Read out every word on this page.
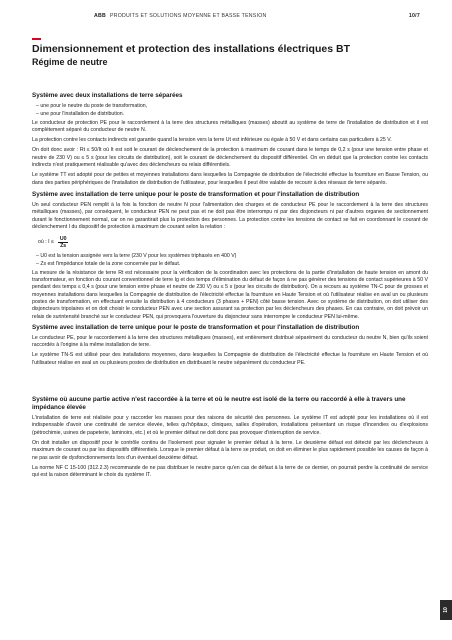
ABB PRODUITS ET SOLUTIONS MOYENNE ET BASSE TENSION	10/7
Dimensionnement et protection des installations électriques BT
Régime de neutre
Système avec deux installations de terre séparées

– une pour le neutre du poste de transformation,

– une pour l'installation de distribution.

Le conducteur de protection PE pour le raccordement à la terre des structures métalliques (masses) aboutit au système de terre de l'installation de distribution et il est complètement séparé du conducteur de neutre N.

La protection contre les contacts indirects est garantie quand la tension vers la terre Ut est inférieure ou égale à 50 V et dans certains cas particuliers à 25 V.

On doit donc avoir : Rt ≤ 50/It où It est soit le courant de déclenchement de la protection à maximum de courant dans le temps de 0,2 s (pour une tension entre phase et neutre de 230 V) ou ≤ 5 s (pour les circuits de distribution), soit le courant de déclenchement du dispositif différentiel. On en déduit que la protection contre les contacts indirects n'est pratiquement réalisable qu'avec des déclencheurs ou relais différentiels.

Le système TT est adopté pour de petites et moyennes installations dans lesquelles la Compagnie de distribution de l'électricité effectue la fourniture en Basse Tension, ou dans des parties périphériques de l'installation de distribution de l'utilisateur, pour lesquelles il peut être valable de recourir à des réseaux de terre séparés.

Système avec installation de terre unique pour le poste de transformation et pour l'installation de distribution

Un seul conducteur PEN remplit à la fois la fonction de neutre N pour l'alimentation des charges et de conducteur PE pour le raccordement à la terre des structures métalliques (masses), par conséquent, le conducteur PEN ne peut pas et ne doit pas être interrompu ni par des disjoncteurs ni par d'autres organes de sectionnement durant le fonctionnement normal, car on ne garantirait plus la protection des personnes. La protection contre les tensions de contact se fait en coordonnant le courant de déclenchement I du dispositif de protection à maximum de courant selon la relation :

où : $I \le \frac{U0}{Zs}$

– U0 est la tension assignée vers la terre (230 V pour les systèmes triphasés en 400 V)

– Zs est l'impédance totale de la zone concernée par le défaut.

La mesure de la résistance de terre Rt est nécessaire pour la vérification de la coordination avec les protections de la partie d'installation de haute tension en amont du transformateur, en fonction du courant conventionnel de terre Ig et des temps d'élimination du défaut de façon à ne pas générer des tensions de contact supérieures à 50 V pendant des temps ≤ 0,4 s (pour une tension entre phase et neutre de 230 V) ou ≤ 5 s (pour les circuits de distribution). On a recours au système TN-C pour de grosses et moyennes installations dans lesquelles la Compagnie de distribution de l'électricité effectue la fourniture en Haute Tension et où l'utilisateur réalise en aval un ou plusieurs postes de transformation, en effectuant ensuite la distribution à 4 conducteurs (3 phases + PEN) côté basse tension. Avec ce système de distribution, on doit utiliser des disjoncteurs tripolaires et on doit choisir le conducteur PEN avec une section assurant sa protection par les déclencheurs des phases. En cas contraire, on doit prévoir un relais de surintensité branché sur le conducteur PEN, qui provoquera l'ouverture du disjoncteur sans interrompre le conducteur PEN lui-même.

Système avec installation de terre unique pour le poste de transformation et pour l'installation de distribution

Le conducteur PE, pour le raccordement à la terre des structures métalliques (masses), est entièrement distribué séparément du conducteur du neutre N, bien qu'ils soient raccordés à l'origine à la même installation de terre.

Le système TN-S est utilisé pour des installations moyennes, dans lesquelles la Compagnie de distribution de l'électricité effectue la fourniture en Haute Tension et où l'utilisateur réalise en aval un ou plusieurs postes de distribution en distribuant le neutre séparément du conducteur PE.

Système où aucune partie active n'est raccordée à la terre et où le neutre est isolé de la terre ou raccordé à elle à travers une impédance élevée

L'installation de terre est réalisée pour y raccorder les masses pour des raisons de sécurité des personnes. Le système IT est adopté pour les installations où il est indispensable d'avoir une continuité de service élevée, telles qu'hôpitaux, cliniques, salles d'opération, installations présentant un risque d'incendies ou d'explosions (pétrochimie, usines de papeterie, laminoirs, etc.) et où le premier défaut ne doit donc pas provoquer d'interruption de service.

On doit installer un dispositif pour le contrôle continu de l'isolement pour signaler le premier défaut à la terre. Le deuxième défaut est détecté par les déclencheurs à maximum de courant ou par les dispositifs différentiels. Lorsque le premier défaut à la terre se produit, on doit en éliminer le plus rapidement possible les causes de façon à ne pas avoir de dysfonctionnements lors d'un éventuel deuxième défaut.

La norme NF C 15-100 (312.2.3) recommande de ne pas distribuer le neutre parce qu'en cas de défaut à la terre de ce dernier, on pourrait perdre la continuité de service qui est la raison déterminant le choix du système IT.

10
